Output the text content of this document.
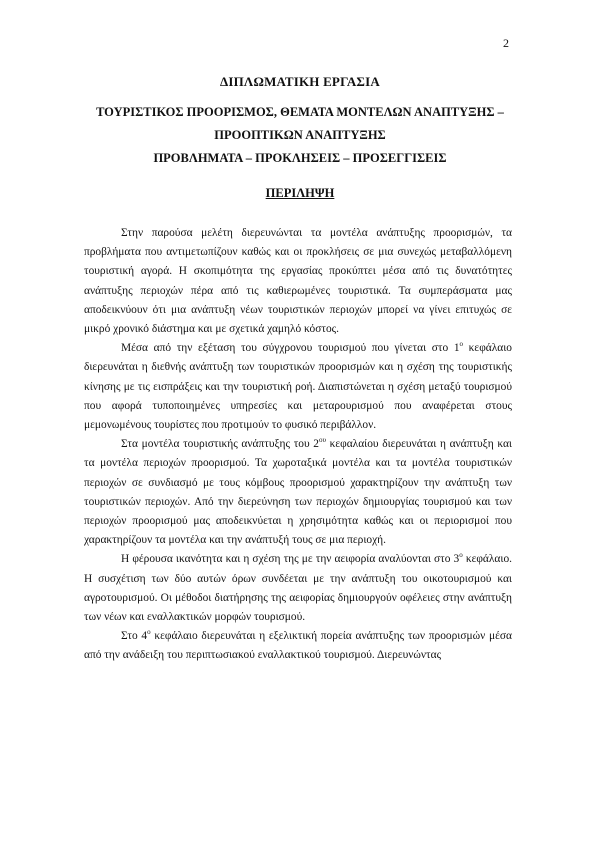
2
ΔΙΠΛΩΜΑΤΙΚΗ ΕΡΓΑΣΙΑ
ΤΟΥΡΙΣΤΙΚΟΣ ΠΡΟΟΡΙΣΜΟΣ, ΘΕΜΑΤΑ ΜΟΝΤΕΛΩΝ ΑΝΑΠΤΥΞΗΣ –
ΠΡΟΟΠΤΙΚΩΝ ΑΝΑΠΤΥΞΗΣ
ΠΡΟΒΛΗΜΑΤΑ – ΠΡΟΚΛΗΣΕΙΣ – ΠΡΟΣΕΓΓΙΣΕΙΣ
ΠΕΡΙΛΗΨΗ

Στην παρούσα μελέτη διερευνώνται τα μοντέλα ανάπτυξης προορισμών, τα προβλήματα που αντιμετωπίζουν καθώς και οι προκλήσεις σε μια συνεχώς μεταβαλλόμενη τουριστική αγορά. Η σκοπιμότητα της εργασίας προκύπτει μέσα από τις δυνατότητες ανάπτυξης περιοχών πέρα από τις καθιερωμένες τουριστικά. Τα συμπεράσματα μας αποδεικνύουν ότι μια ανάπτυξη νέων τουριστικών περιοχών μπορεί να γίνει επιτυχώς σε μικρό χρονικό διάστημα και με σχετικά χαμηλό κόστος.

Μέσα από την εξέταση του σύγχρονου τουρισμού που γίνεται στο $1^o$ κεφάλαιο διερευνάται η διεθνής ανάπτυξη των τουριστικών προορισμών και η σχέση της τουριστικής κίνησης με τις εισπράξεις και την τουριστική ροή. Διαπιστώνεται η σχέση μεταξύ τουρισμού που αφορά τυποποιημένες υπηρεσίες και μεταρουρισμού που αναφέρεται στους μεμονωμένους τουρίστες που προτιμούν το φυσικό περιβάλλον.

Στα μοντέλα τουριστικής ανάπτυξης του $2^{o\upsilon}$ κεφαλαίου διερευνάται η ανάπτυξη και τα μοντέλα περιοχών προορισμού. Τα χωροταξικά μοντέλα και τα μοντέλα τουριστικών περιοχών σε συνδιασμό με τους κόμβους προορισμού χαρακτηρίζουν την ανάπτυξη των τουριστικών περιοχών. Από την διερεύνηση των περιοχών δημιουργίας τουρισμού και των περιοχών προορισμού μας αποδεικνύεται η χρησιμότητα καθώς και οι περιορισμοί που χαρακτηρίζουν τα μοντέλα και την ανάπτυξή τους σε μια περιοχή.

Η φέρουσα ικανότητα και η σχέση της με την αειφορία αναλύονται στο $3^o$ κεφάλαιο. Η συσχέτιση των δύο αυτών όρων συνδέεται με την ανάπτυξη του οικοτουρισμού και αγροτουρισμού. Οι μέθοδοι διατήρησης της αειφορίας δημιουργούν οφέλειες στην ανάπτυξη των νέων και εναλλακτικών μορφών τουρισμού.

Στο $4^o$ κεφάλαιο διερευνάται η εξελικτική πορεία ανάπτυξης των προορισμών μέσα από την ανάδειξη του περιπτωσιακού εναλλακτικού τουρισμού. Διερευνώντας
